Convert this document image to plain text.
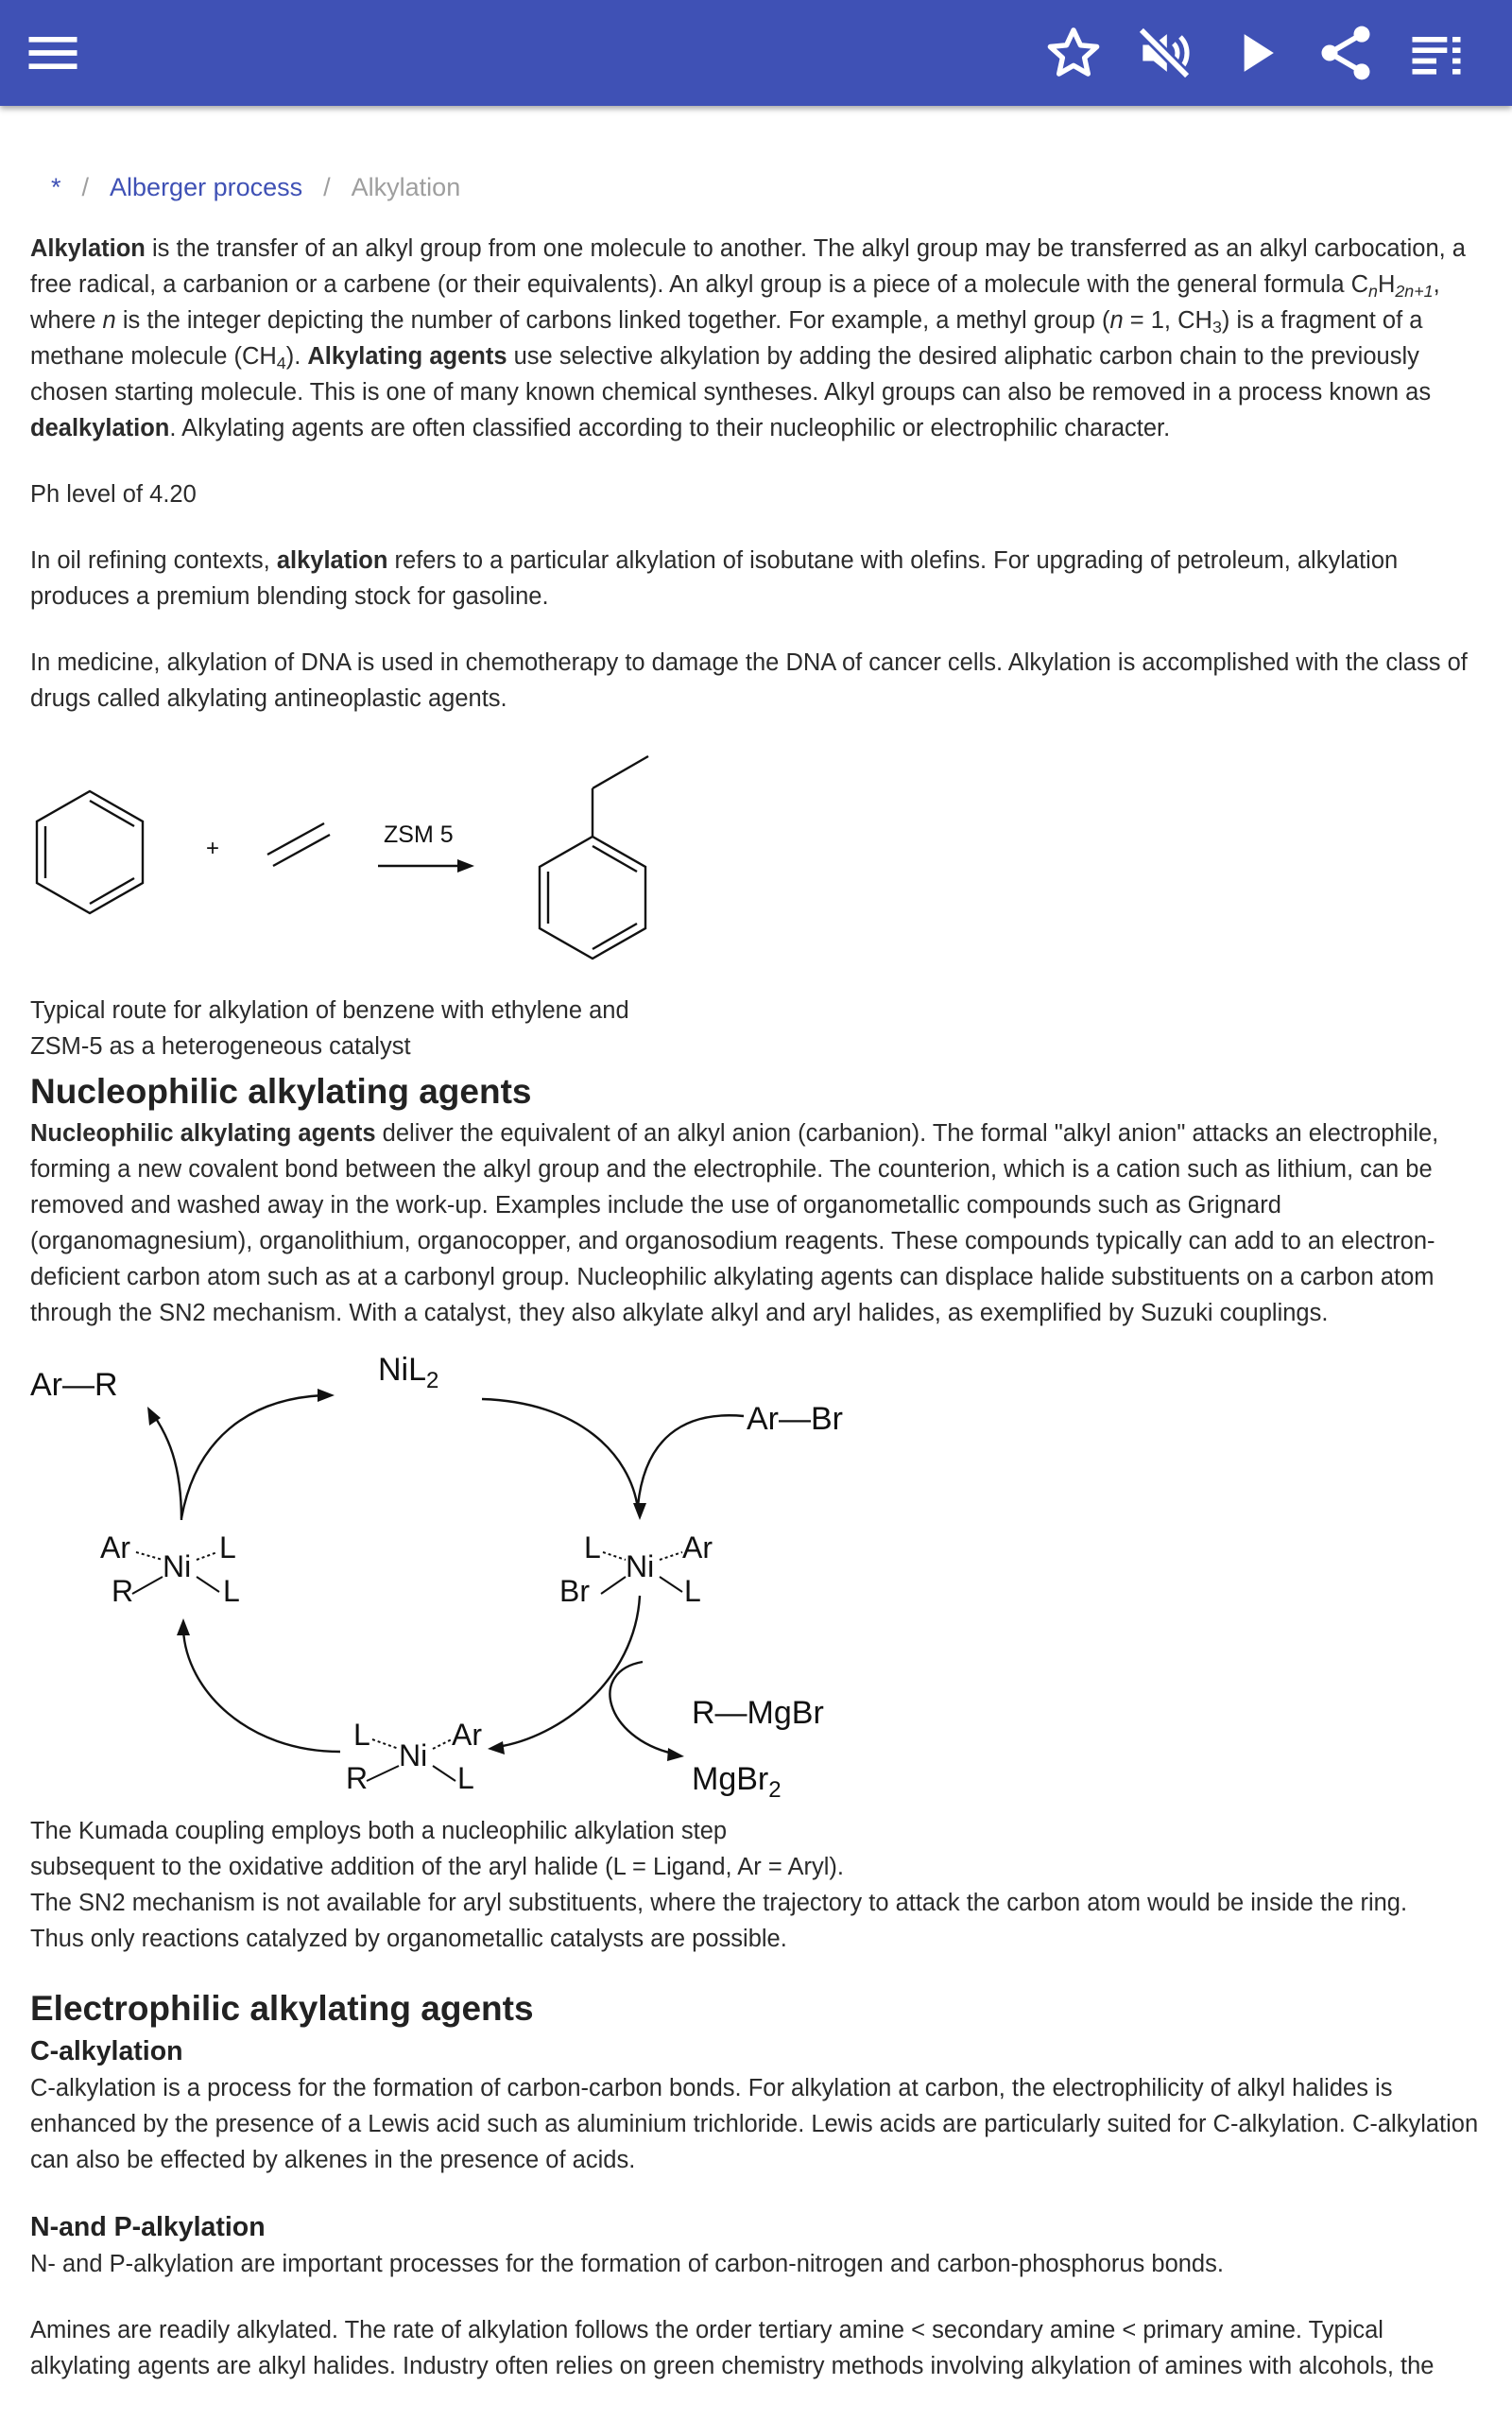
* / Alberger process / Alkylation

Alkylation is the transfer of an alkyl group from one molecule to another. The alkyl group may be transferred as an alkyl carbocation, a free radical, a carbanion or a carbene (or their equivalents). An alkyl group is a piece of a molecule with the general formula $C_nH_{2n+1}$, where n is the integer depicting the number of carbons linked together. For example, a methyl group (n = 1, $CH_3$) is a fragment of a methane molecule $(CH_4)$. Alkylating agents use selective alkylation by adding the desired aliphatic carbon chain to the previously chosen starting molecule. This is one of many known chemical syntheses. Alkyl groups can also be removed in a process known as dealkylation. Alkylating agents are often classified according to their nucleophilic or electrophilic character.

Ph level of 4.20

In oil refining contexts, alkylation refers to a particular alkylation of isobutane with olefins. For upgrading of petroleum, alkylation produces a premium blending stock for gasoline.

In medicine, alkylation of DNA is used in chemotherapy to damage the DNA of cancer cells. Alkylation is accomplished with the class of drugs called alkylating antineoplastic agents.

+
ZSM 5

Typical route for alkylation of benzene with ethylene and
ZSM-5 as a heterogeneous catalyst

Nucleophilic alkylating agents

Nucleophilic alkylating agents deliver the equivalent of an alkyl anion (carbanion). The formal "alkyl anion" attacks an electrophile, forming a new covalent bond between the alkyl group and the electrophile. The counterion, which is a cation such as lithium, can be removed and washed away in the work-up. Examples include the use of organometallic compounds such as Grignard (organomagnesium), organolithium, organocopper, and organosodium reagents. These compounds typically can add to an electron-deficient carbon atom such as at a carbonyl group. Nucleophilic alkylating agents can displace halide substituents on a carbon atom through the SN2 mechanism. With a catalyst, they also alkylate alkyl and aryl halides, as exemplified by Suzuki couplings.

Ar—R	NiL$_2$
Ar—Br
R—MgBr
MgBr$_2$
Ni
Ar	L
R	L
Ni
L	Ar
Br	L
Ni
L	Ar
R	L

The Kumada coupling employs both a nucleophilic alkylation step
subsequent to the oxidative addition of the aryl halide (L = Ligand, Ar = Aryl).

The SN2 mechanism is not available for aryl substituents, where the trajectory to attack the carbon atom would be inside the ring.
Thus only reactions catalyzed by organometallic catalysts are possible.

Electrophilic alkylating agents
C-alkylation

C-alkylation is a process for the formation of carbon-carbon bonds. For alkylation at carbon, the electrophilicity of alkyl halides is enhanced by the presence of a Lewis acid such as aluminium trichloride. Lewis acids are particularly suited for C-alkylation. C-alkylation can also be effected by alkenes in the presence of acids.

N-and P-alkylation

N- and P-alkylation are important processes for the formation of carbon-nitrogen and carbon-phosphorus bonds.

Amines are readily alkylated. The rate of alkylation follows the order tertiary amine < secondary amine < primary amine. Typical alkylating agents are alkyl halides. Industry often relies on green chemistry methods involving alkylation of amines with alcohols, the
